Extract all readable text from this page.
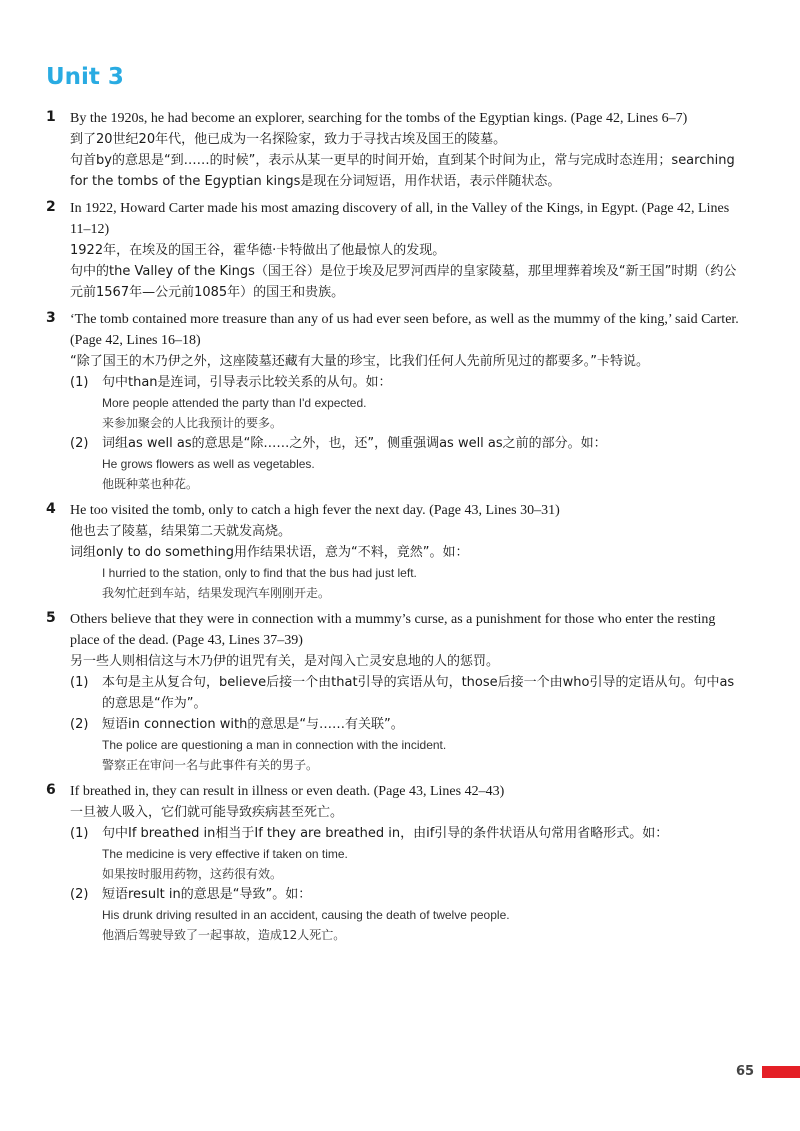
Unit 3
1 By the 1920s, he had become an explorer, searching for the tombs of the Egyptian kings. (Page 42, Lines 6–7)
到了20世纪20年代，他已成为一名探险家，致力于寻找古埃及国王的陵墓。
句首by的意思是“到……的时候”，表示从某一更早的时间开始，直到某个时间为止，常与完成时态连用；searching for the tombs of the Egyptian kings是现在分词短语，用作状语，表示伴随状态。
2 In 1922, Howard Carter made his most amazing discovery of all, in the Valley of the Kings, in Egypt. (Page 42, Lines 11–12)
1922年，在埃及的国王谷，霍华德·卡特做出了他最惊人的发现。
句中的the Valley of the Kings（国王谷）是位于埃及尼罗河西岸的皇家陵墓，那里埋葬着埃及“新王国”时期（约公元前1567年—公元前1085年）的国王和贵族。
3 ‘The tomb contained more treasure than any of us had ever seen before, as well as the mummy of the king,’ said Carter. (Page 42, Lines 16–18)
“除了国王的木乃伊之外，这座陵墓还藏有大量的珍宝，比我们任何人先前所见过的都要多。”卡特说。
(1) 句中than是连词，引导表示比较关系的从句。如：
More people attended the party than I'd expected.
来参加聚会的人比我预计的要多。
(2) 词组as well as的意思是“除……之外，也，还”，侧重强调as well as之前的部分。如：
He grows flowers as well as vegetables.
他既种菜也种花。
4 He too visited the tomb, only to catch a high fever the next day. (Page 43, Lines 30–31)
他也去了陵墓，结果第二天就发高烧。
词组only to do something用作结果状语，意为“不料，竟然”。如：
I hurried to the station, only to find that the bus had just left.
我匆忙赶到车站，结果发现汽车刚刚开走。
5 Others believe that they were in connection with a mummy’s curse, as a punishment for those who enter the resting place of the dead. (Page 43, Lines 37–39)
另一些人则相信这与木乃伊的诅咒有关，是对闯入亡灵安息地的人的惩罚。
(1) 本句是主从复合句，believe后接一个由that引导的宾语从句，those后接一个由who引导的定语从句。句中as的意思是“作为”。
(2) 短语in connection with的意思是“与……有关联”。
The police are questioning a man in connection with the incident.
警察正在审问一名与此事件有关的男子。
6 If breathed in, they can result in illness or even death. (Page 43, Lines 42–43)
一旦被人吸入，它们就可能导致疾病甚至死亡。
(1) 句中If breathed in相当于If they are breathed in，由if引导的条件状语从句常用省略形式。如：
The medicine is very effective if taken on time.
如果按时服用药物，这药很有效。
(2) 短语result in的意思是“导致”。如：
His drunk driving resulted in an accident, causing the death of twelve people.
他酒后驾驶导致了一起事故，造成12人死亡。
65
